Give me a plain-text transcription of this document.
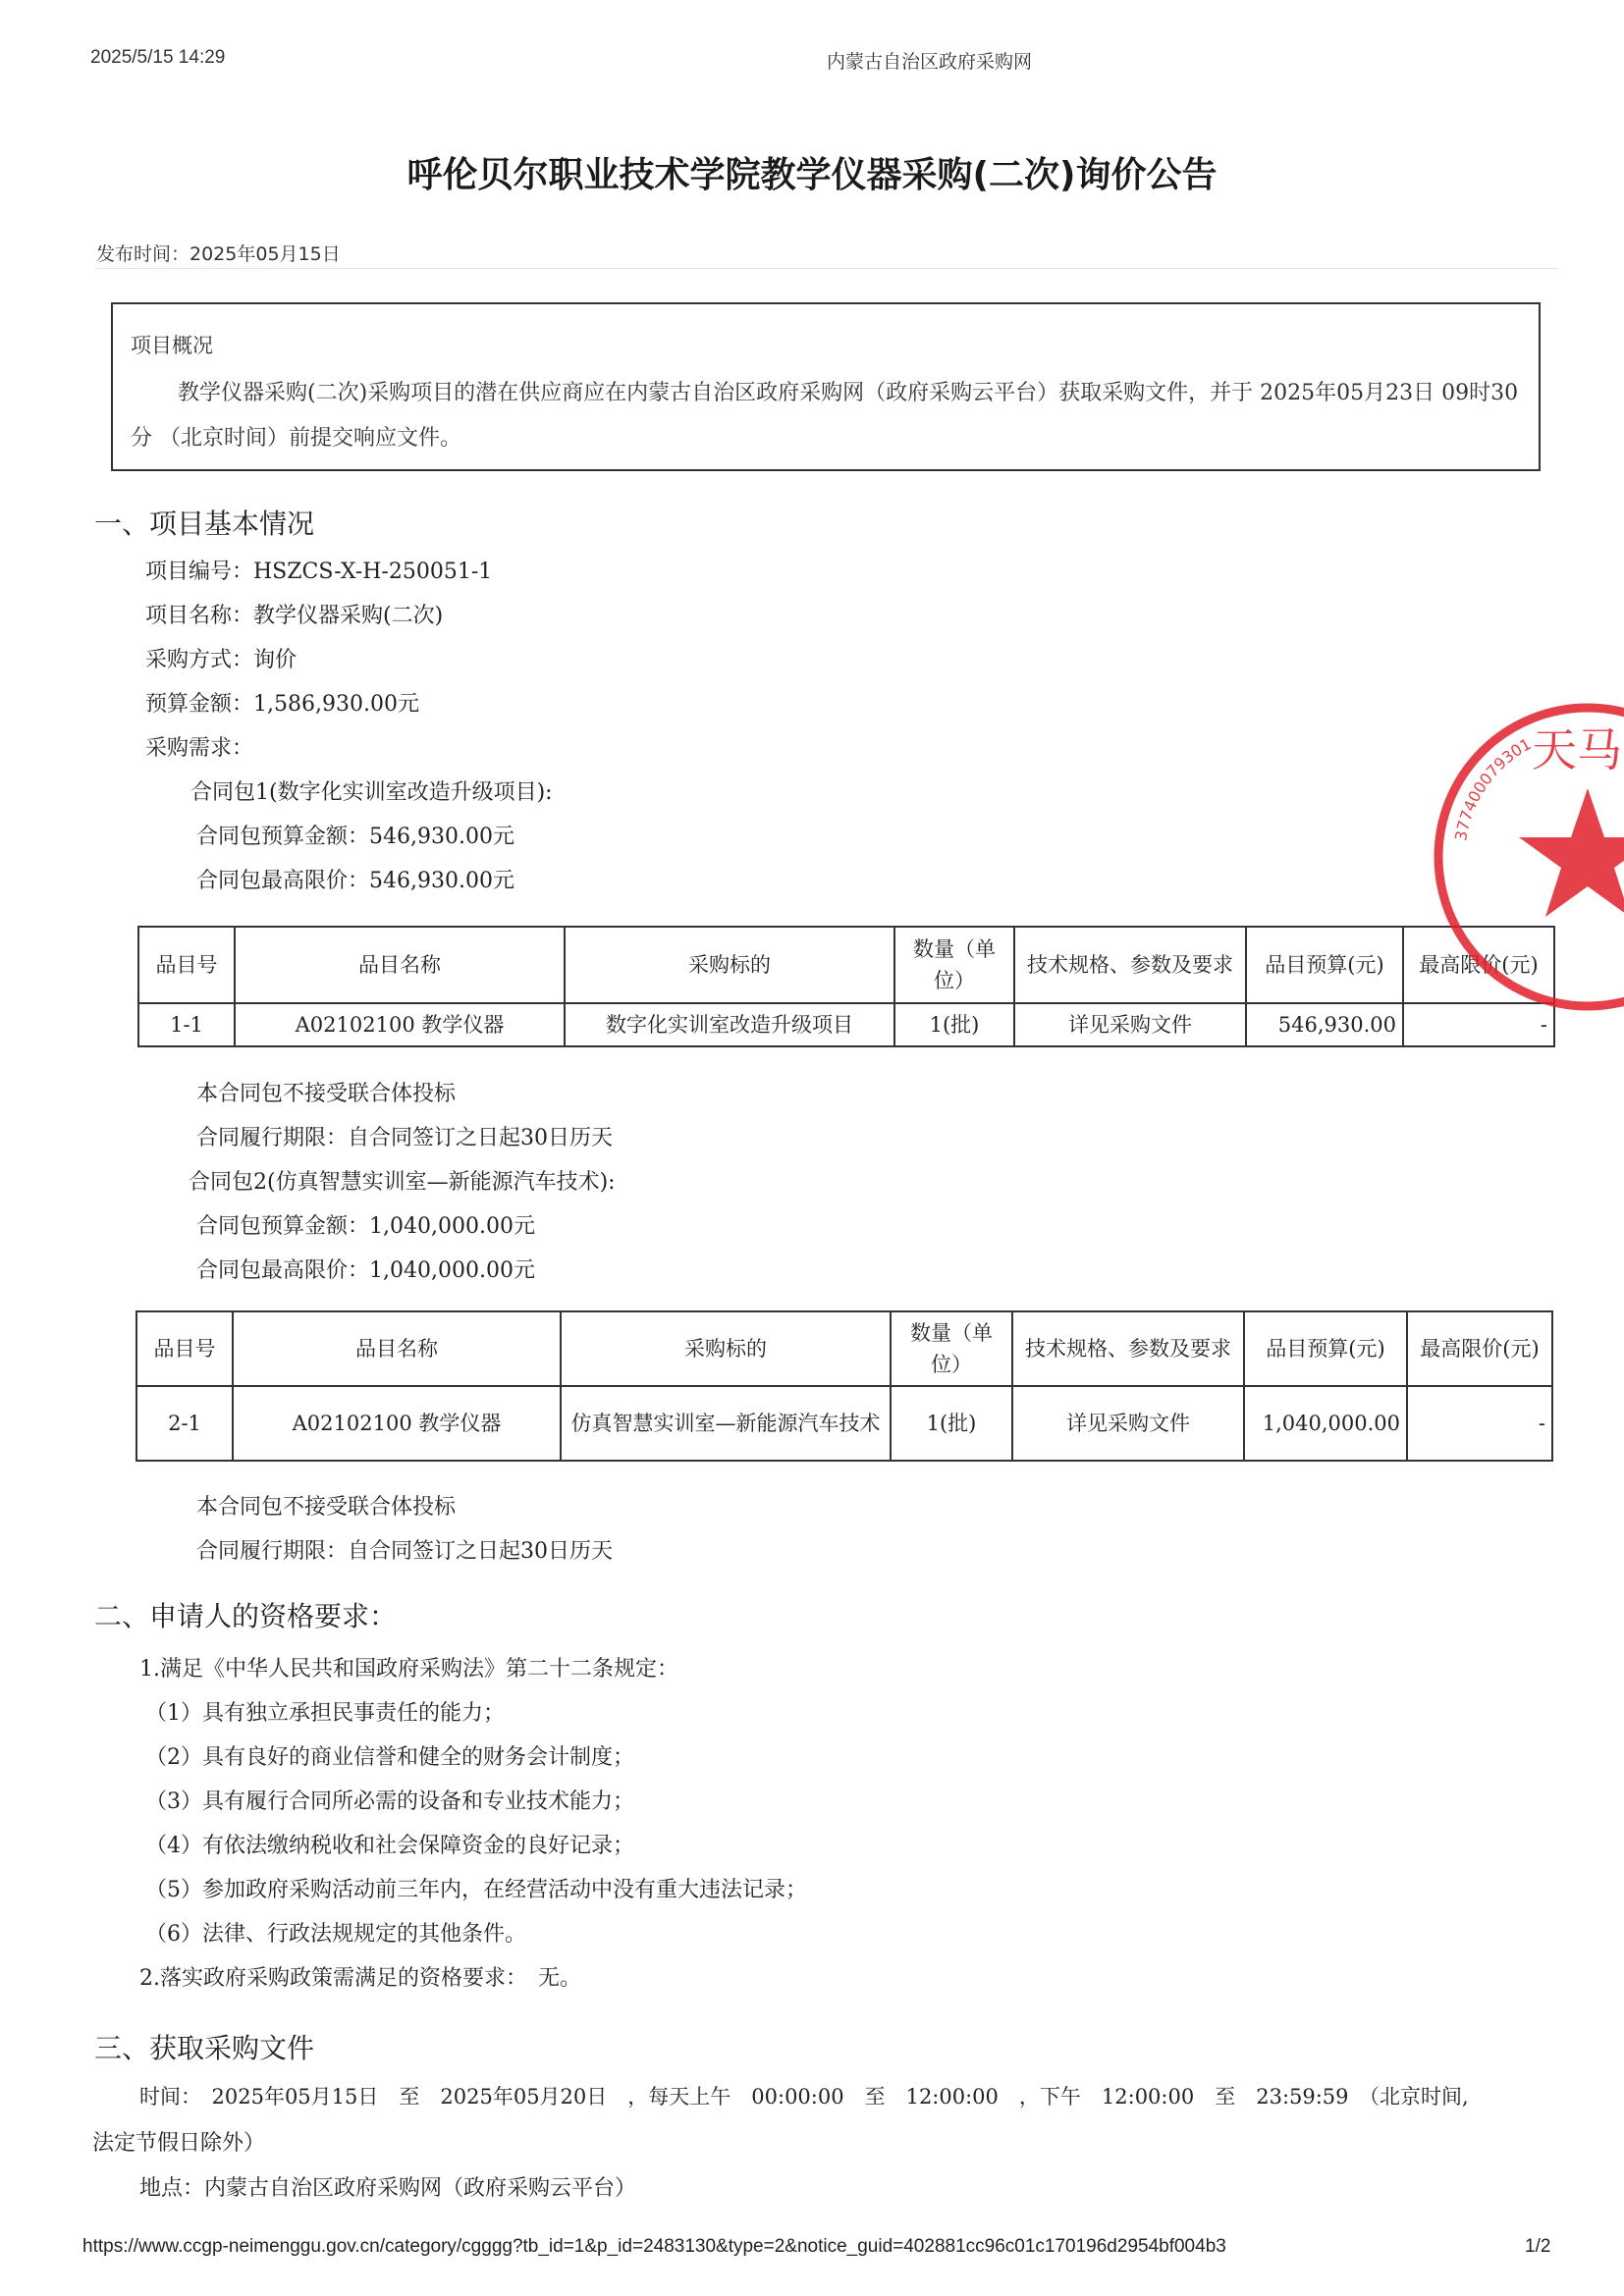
2025/5/15 14:29	内蒙古自治区政府采购网
呼伦贝尔职业技术学院教学仪器采购(二次)询价公告
发布时间：2025年05月15日
项目概况
教学仪器采购(二次)采购项目的潜在供应商应在内蒙古自治区政府采购网（政府采购云平台）获取采购文件，并于 2025年05月23日 09时30分 （北京时间）前提交响应文件。
一、项目基本情况
项目编号：HSZCS-X-H-250051-1
项目名称：教学仪器采购(二次)
采购方式：询价
预算金额：1,586,930.00元
采购需求：
合同包1(数字化实训室改造升级项目):
合同包预算金额：546,930.00元
合同包最高限价：546,930.00元
品目号	品目名称	采购标的	数量（单位）	技术规格、参数及要求	品目预算(元)	最高限价(元)
1-1	A02102100 教学仪器	数字化实训室改造升级项目	1(批)	详见采购文件	546,930.00	-
本合同包不接受联合体投标
合同履行期限：自合同签订之日起30日历天
合同包2(仿真智慧实训室—新能源汽车技术):
合同包预算金额：1,040,000.00元
合同包最高限价：1,040,000.00元
品目号	品目名称	采购标的	数量（单位）	技术规格、参数及要求	品目预算(元)	最高限价(元)
2-1	A02102100 教学仪器	仿真智慧实训室—新能源汽车技术	1(批)	详见采购文件	1,040,000.00	-
本合同包不接受联合体投标
合同履行期限：自合同签订之日起30日历天
二、申请人的资格要求：
1.满足《中华人民共和国政府采购法》第二十二条规定：
（1）具有独立承担民事责任的能力；
（2）具有良好的商业信誉和健全的财务会计制度；
（3）具有履行合同所必需的设备和专业技术能力；
（4）有依法缴纳税收和社会保障资金的良好记录；
（5）参加政府采购活动前三年内，在经营活动中没有重大违法记录；
（6）法律、行政法规规定的其他条件。
2.落实政府采购政策需满足的资格要求：　无。
三、获取采购文件
时间：　2025年05月15日　至　2025年05月20日　，每天上午　00:00:00　至　12:00:00　，下午　12:00:00　至　23:59:59　（北京时间,
法定节假日除外）
地点：内蒙古自治区政府采购网（政府采购云平台）
377400079301
天马
https://www.ccgp-neimenggu.gov.cn/category/cgggg?tb_id=1&p_id=2483130&type=2&notice_guid=402881cc96c01c170196d2954bf004b3	1/2
